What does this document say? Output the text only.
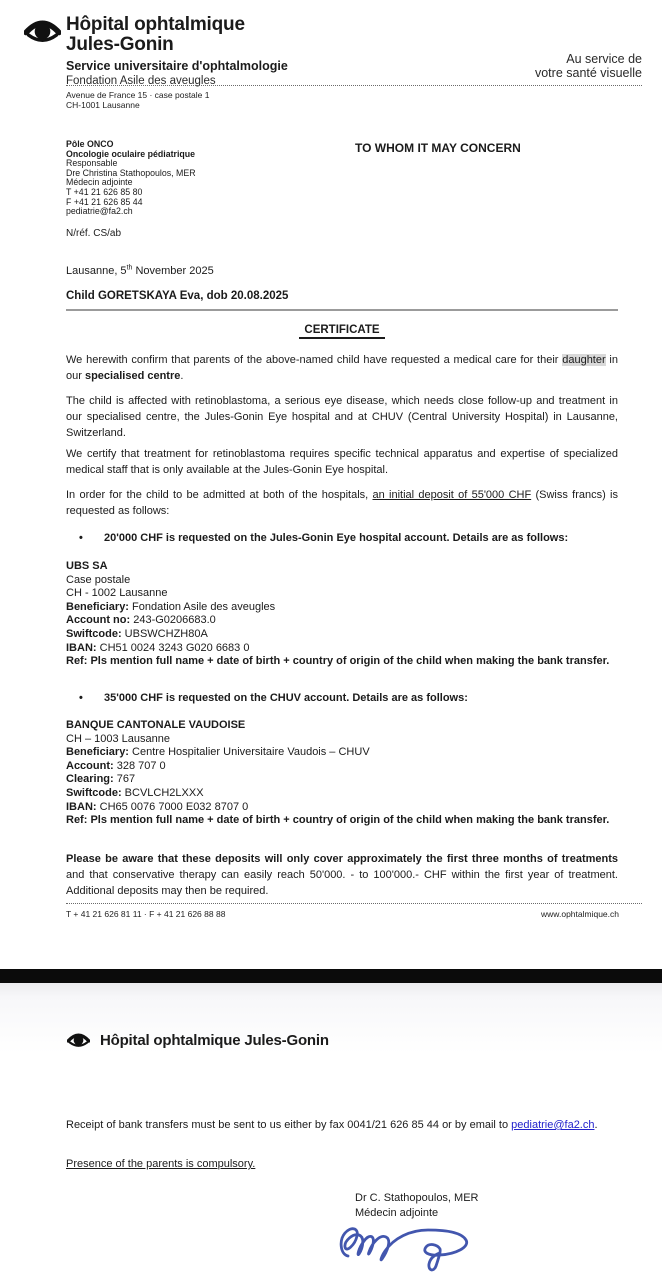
Hôpital ophtalmique
Jules-Gonin
Service universitaire d'ophtalmologie
Fondation Asile des aveugles
Au service de
votre santé visuelle
Avenue de France 15 · case postale 1
CH-1001 Lausanne
Pôle ONCO
Oncologie oculaire pédiatrique
Responsable
Dre Christina Stathopoulos, MER
Médecin adjointe
T +41 21 626 85 80
F +41 21 626 85 44
pediatrie@fa2.ch
TO WHOM IT MAY CONCERN
N/réf. CS/ab
Lausanne, 5th November 2025
Child GORETSKAYA Eva, dob 20.08.2025
CERTIFICATE
We herewith confirm that parents of the above-named child have requested a medical care for their daughter in our specialised centre.
The child is affected with retinoblastoma, a serious eye disease, which needs close follow-up and treatment in our specialised centre, the Jules-Gonin Eye hospital and at CHUV (Central University Hospital) in Lausanne, Switzerland.
We certify that treatment for retinoblastoma requires specific technical apparatus and expertise of specialized medical staff that is only available at the Jules-Gonin Eye hospital.
In order for the child to be admitted at both of the hospitals, an initial deposit of 55'000 CHF (Swiss francs) is requested as follows:
•	20'000 CHF is requested on the Jules-Gonin Eye hospital account. Details are as follows:
UBS SA
Case postale
CH - 1002 Lausanne
Beneficiary: Fondation Asile des aveugles
Account no: 243-G0206683.0
Swiftcode: UBSWCHZH80A
IBAN: CH51 0024 3243 G020 6683 0
Ref: Pls mention full name + date of birth + country of origin of the child when making the bank transfer.
•	35'000 CHF is requested on the CHUV account. Details are as follows:
BANQUE CANTONALE VAUDOISE
CH – 1003 Lausanne
Beneficiary: Centre Hospitalier Universitaire Vaudois – CHUV
Account: 328 707 0
Clearing: 767
Swiftcode: BCVLCH2LXXX
IBAN: CH65 0076 7000 E032 8707 0
Ref: Pls mention full name + date of birth + country of origin of the child when making the bank transfer.
Please be aware that these deposits will only cover approximately the first three months of treatments and that conservative therapy can easily reach 50'000. - to 100'000.- CHF within the first year of treatment. Additional deposits may then be required.
T + 41 21 626 81 11 · F + 41 21 626 88 88	www.ophtalmique.ch
Hôpital ophtalmique Jules-Gonin
Receipt of bank transfers must be sent to us either by fax 0041/21 626 85 44 or by email to pediatrie@fa2.ch.
Presence of the parents is compulsory.
Dr C. Stathopoulos, MER
Médecin adjointe
